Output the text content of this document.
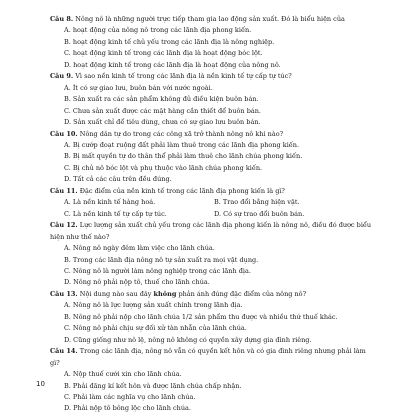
Câu 8. Nông nô là những người trực tiếp tham gia lao động sản xuất. Đó là biểu hiện của
A. hoạt động của nông nô trong các lãnh địa phong kiến.
B. hoạt động kinh tế chủ yếu trong các lãnh địa là nông nghiệp.
C. hoạt động kinh tế trong các lãnh địa là hoạt động bóc lột.
D. hoạt động kinh tế trong các lãnh địa là hoạt động của nông nô.
Câu 9. Vì sao nền kinh tế trong các lãnh địa là nền kinh tế tự cấp tự túc?
A. Ít có sự giao lưu, buôn bán với nước ngoài.
B. Sản xuất ra các sản phẩm không đủ điều kiện buôn bán.
C. Chưa sản xuất được các mặt hàng cần thiết để buôn bán.
D. Sản xuất chỉ để tiêu dùng, chưa có sự giao lưu buôn bán.
Câu 10. Nông dân tự do trong các công xã trở thành nông nô khi nào?
A. Bị cướp đoạt ruộng đất phải làm thuê trong các lãnh địa phong kiến.
B. Bị mất quyền tự do thân thể phải làm thuê cho lãnh chúa phong kiến.
C. Bị chủ nô bóc lột và phụ thuộc vào lãnh chúa phong kiến.
D. Tất cả các câu trên đều đúng.
Câu 11. Đặc điểm của nền kinh tế trong các lãnh địa phong kiến là gì?
A. Là nền kinh tế hàng hoá.	B. Trao đổi bằng hiện vật.
C. Là nền kinh tế tự cấp tự túc.	D. Có sự trao đổi buôn bán.
Câu 12. Lực lượng sản xuất chủ yếu trong các lãnh địa phong kiến là nông nô, điều đó được biểu hiện như thế nào?
A. Nông nô ngày đêm làm việc cho lãnh chúa.
B. Trong các lãnh địa nông nô tự sản xuất ra mọi vật dụng.
C. Nông nô là người làm nông nghiệp trong các lãnh địa.
D. Nông nô phải nộp tô, thuế cho lãnh chúa.
Câu 13. Nội dung nào sau đây không phản ánh đúng đặc điểm của nông nô?
A. Nông nô là lực lượng sản xuất chính trong lãnh địa.
B. Nông nô phải nộp cho lãnh chúa 1/2 sản phẩm thu được và nhiều thứ thuế khác.
C. Nông nô phải chịu sự đối xử tàn nhẫn của lãnh chúa.
D. Cũng giống như nô lệ, nông nô không có quyền xây dựng gia đình riêng.
Câu 14. Trong các lãnh địa, nông nô vẫn có quyền kết hôn và có gia đình riêng nhưng phải làm gì?
A. Nộp thuế cưới xin cho lãnh chúa.
B. Phải đăng kí kết hôn và được lãnh chúa chấp nhận.
C. Phải làm các nghĩa vụ cho lãnh chúa.
D. Phải nộp tô bông lộc cho lãnh chúa.
10
